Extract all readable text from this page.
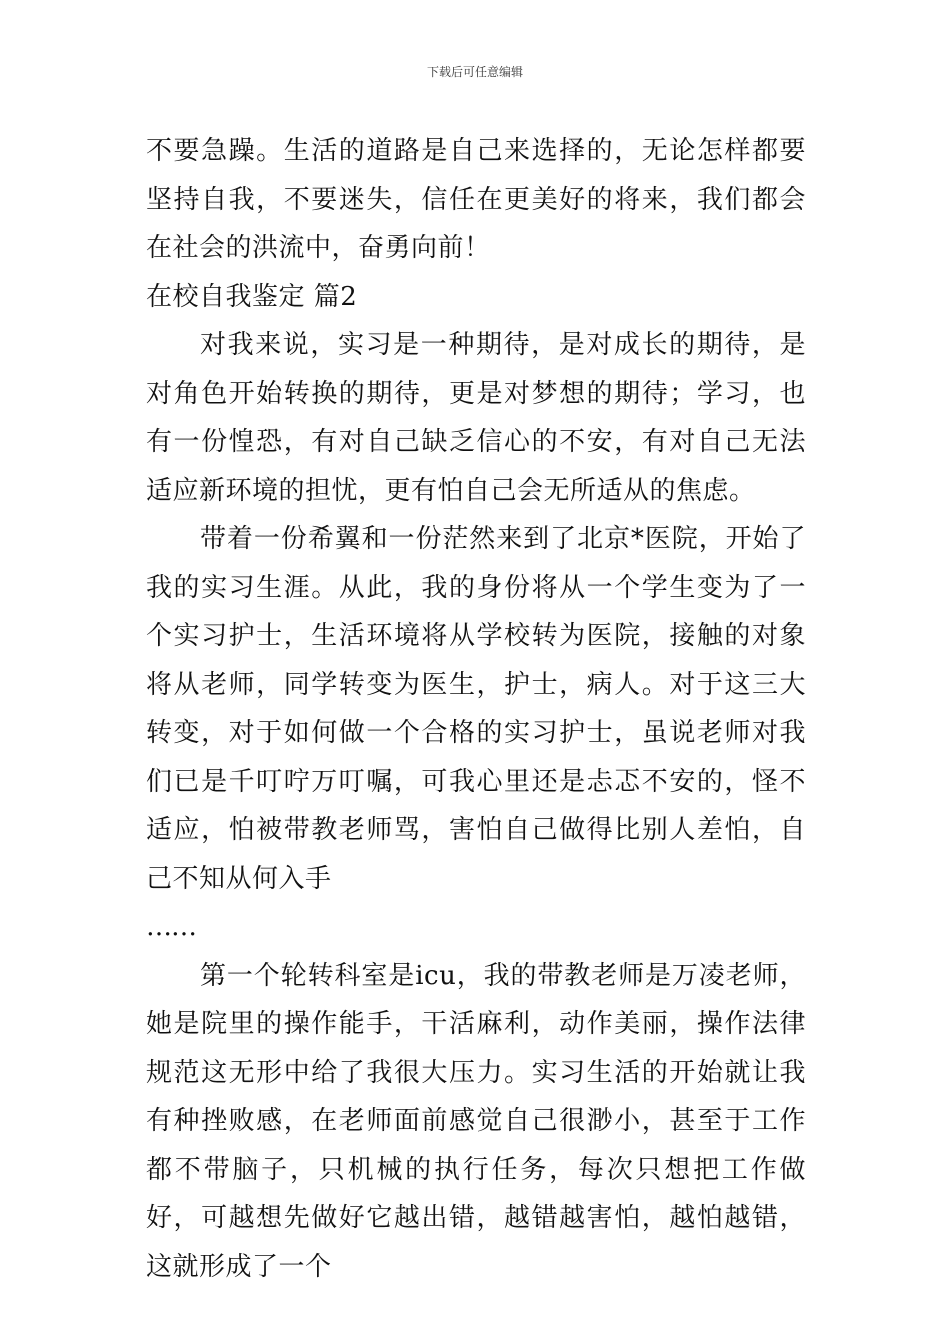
下载后可任意编辑

不要急躁。生活的道路是自己来选择的，无论怎样都要坚持自我，不要迷失，信任在更美好的将来，我们都会在社会的洪流中，奋勇向前！

在校自我鉴定 篇2

对我来说，实习是一种期待，是对成长的期待，是对角色开始转换的期待，更是对梦想的期待；学习，也有一份惶恐，有对自己缺乏信心的不安，有对自己无法适应新环境的担忧，更有怕自己会无所适从的焦虑。

带着一份希翼和一份茫然来到了北京*医院，开始了我的实习生涯。从此，我的身份将从一个学生变为了一个实习护士，生活环境将从学校转为医院，接触的对象将从老师，同学转变为医生，护士，病人。对于这三大转变，对于如何做一个合格的实习护士，虽说老师对我们已是千叮咛万叮嘱，可我心里还是忐忑不安的，怪不适应，怕被带教老师骂，害怕自己做得比别人差怕，自己不知从何入手

……

第一个轮转科室是icu，我的带教老师是万凌老师，她是院里的操作能手，干活麻利，动作美丽，操作法律规范这无形中给了我很大压力。实习生活的开始就让我有种挫败感，在老师面前感觉自己很渺小，甚至于工作都不带脑子，只机械的执行任务，每次只想把工作做好，可越想先做好它越出错，越错越害怕，越怕越错，这就形成了一个
